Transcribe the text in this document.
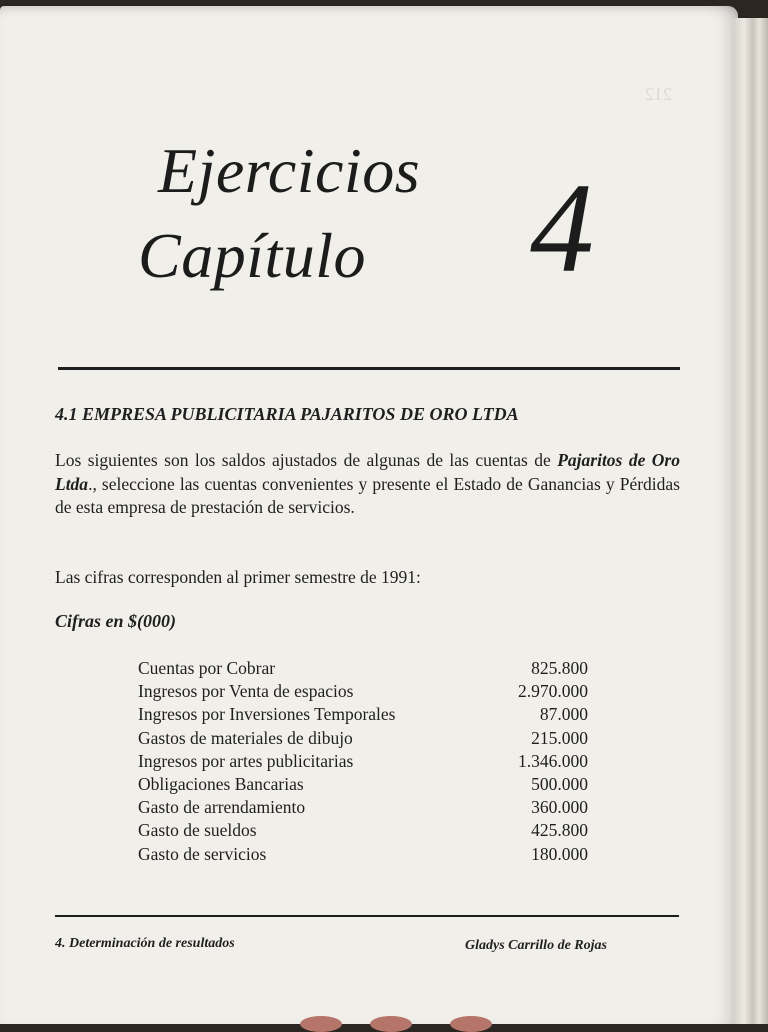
212
Ejercicios
Capítulo 4
4.1 EMPRESA PUBLICITARIA PAJARITOS DE ORO LTDA
Los siguientes son los saldos ajustados de algunas de las cuentas de Pajaritos de Oro Ltda., seleccione las cuentas convenientes y presente el Estado de Ganancias y Pérdidas de esta empresa de prestación de servicios.
Las cifras corresponden al primer semestre de 1991:
Cifras en $(000)
Cuentas por Cobrar	825.800
Ingresos por Venta de espacios	2.970.000
Ingresos por Inversiones Temporales	87.000
Gastos de materiales de dibujo	215.000
Ingresos por artes publicitarias	1.346.000
Obligaciones Bancarias	500.000
Gasto de arrendamiento	360.000
Gasto de sueldos	425.800
Gasto de servicios	180.000
4. Determinación de resultados	Gladys Carrillo de Rojas
